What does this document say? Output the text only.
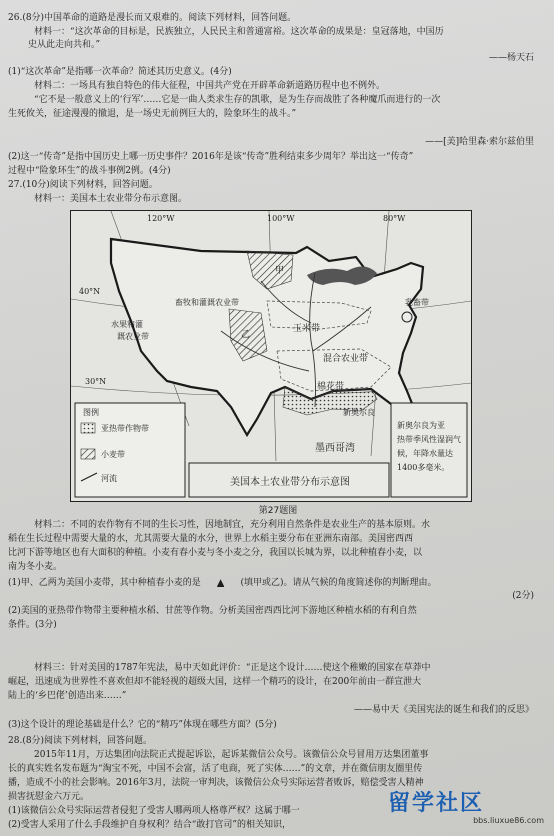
26.(8分)中国革命的道路是漫长而又艰难的。阅读下列材料，回答问题。
材料一：“这次革命的目标是，民族独立，人民民主和普通富裕。这次革命的成果是：皇冠落地，中国历
史从此走向共和。”
——杨天石
(1)“这次革命”是指哪一次革命？简述其历史意义。(4分)
材料二：一场具有独自特色的伟大征程，中国共产党在开辟革命新道路历程中也不例外。
“它不是一般意义上的‘行军’……它是一曲人类求生存的凯歌，是为生存而战胜了各种魔爪而进行的一次
生死攸关，征途漫漫的撤退，是一场史无前例巨大的，险象环生的战斗。”
——[美]哈里森·索尔兹伯里
(2)这一“传奇”是指中国历史上哪一历史事件？2016年是该“传奇”胜利结束多少周年？举出这一“传奇”
过程中“险象环生”的战斗事例2例。(4分)
27.(10分)阅读下列材料，回答问题。
材料一：美国本土农业带分布示意图。
120°W	100°W	80°W
40°N
30°N
畜牧和灌溉农业带
水果和灌
溉农业带
玉米带
混合农业带
棉花带
乳畜带
甲
乙
新奥尔良
墨西哥湾
图例
亚热带作物带
小麦带
河流	美国本土农业带分布示意图
新奥尔良为亚
热带季风性湿润气
候，年降水量达
1400多毫米。
第27题图
材料二：不同的农作物有不同的生长习性，因地制宜，充分利用自然条件是农业生产的基本原则。水
稻在生长过程中需要大量的水，尤其需要大量的水分，世界上水稻主要分布在亚洲东南部。美国密西西
比河下游等地区也有大面积的种植。小麦有春小麦与冬小麦之分，我国以长城为界，以北种植春小麦，以
南为冬小麦。
(1)甲、乙两为美国小麦带，其中种植春小麦的是 ▲ (填甲或乙)。请从气候的角度简述你的判断理由。
(2分)
(2)美国的亚热带作物带主要种植水稻、甘蔗等作物。分析美国密西西比河下游地区种植水稻的有利自然
条件。(3分)
材料三：针对美国的1787年宪法，易中天如此评价：“正是这个设计……使这个稚嫩的国家在草莽中
崛起，迅速成为世界性不喜欢但却不能轻视的超级大国，这样一个精巧的设计，在200年前由一群宣泄大
陆上的‘乡巴佬’创造出来……”
——易中天《美国宪法的诞生和我们的反思》
(3)这个设计的理论基础是什么？它的“精巧”体现在哪些方面？(5分)
28.(8分)阅读下列材料，回答问题。
2015年11月，万达集团向法院正式提起诉讼，起诉某微信公众号。该微信公众号冒用万达集团董事
长的真实姓名发布题为“淘宝不死，中国不会富，活了电商，死了实体……”的文章，并在微信朋友圈里传
播，造成不小的社会影响。2016年3月，法院一审判决，该微信公众号实际运营者败诉，赔偿受害人精神
损害抚慰金六万元。
(1)该微信公众号实际运营者侵犯了受害人哪两项人格尊严权？这属于哪一
(2)受害人采用了什么手段维护自身权利？结合“敢打官司”的相关知识，
留学社区
bbs.liuxue86.com
